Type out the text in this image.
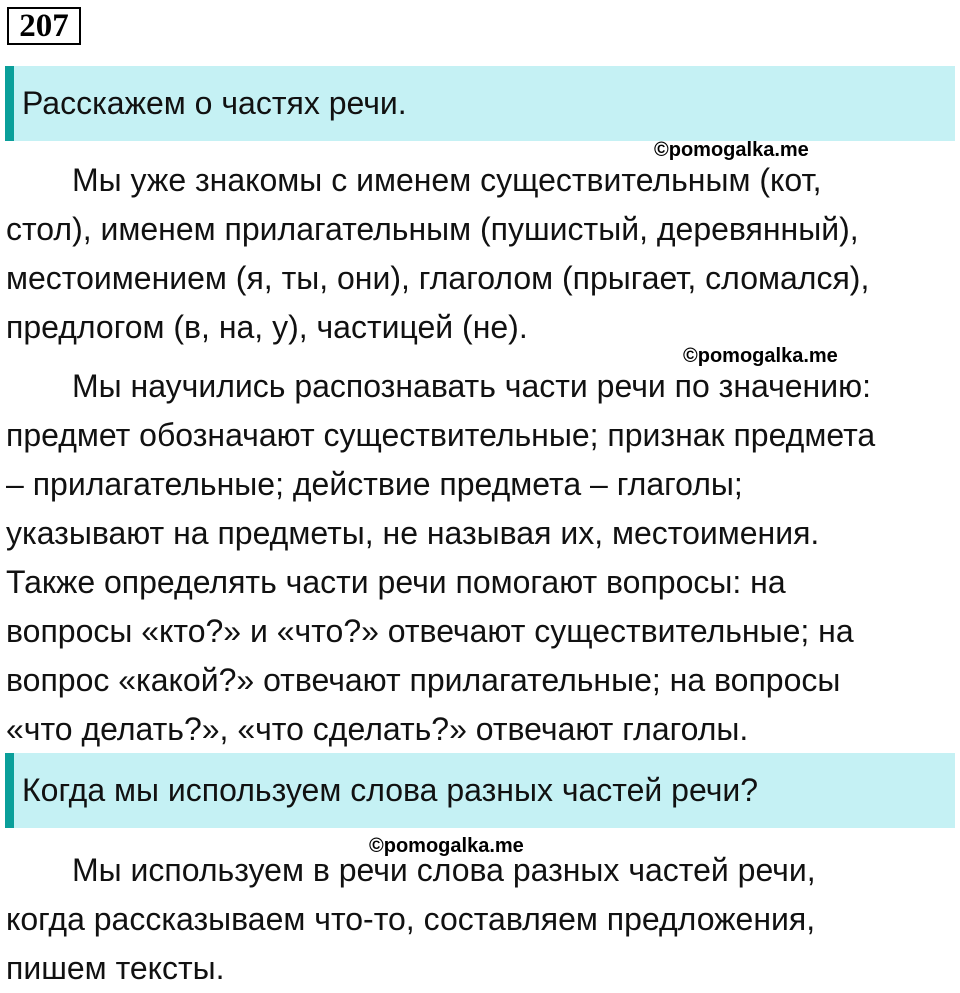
207
Расскажем о частях речи.
©pomogalka.me

Мы уже знакомы с именем существительным (кот,
стол), именем прилагательным (пушистый, деревянный),
местоимением (я, ты, они), глаголом (прыгает, сломался),
предлогом (в, на, у), частицей (не).

©pomogalka.me

Мы научились распознавать части речи по значению:
предмет обозначают существительные; признак предмета
– прилагательные; действие предмета – глаголы;
указывают на предметы, не называя их, местоимения.
Также определять части речи помогают вопросы: на
вопросы «кто?» и «что?» отвечают существительные; на
вопрос «какой?» отвечают прилагательные; на вопросы
«что делать?», «что сделать?» отвечают глаголы.

Когда мы используем слова разных частей речи?
©pomogalka.me

Мы используем в речи слова разных частей речи,
когда рассказываем что-то, составляем предложения,
пишем тексты.
